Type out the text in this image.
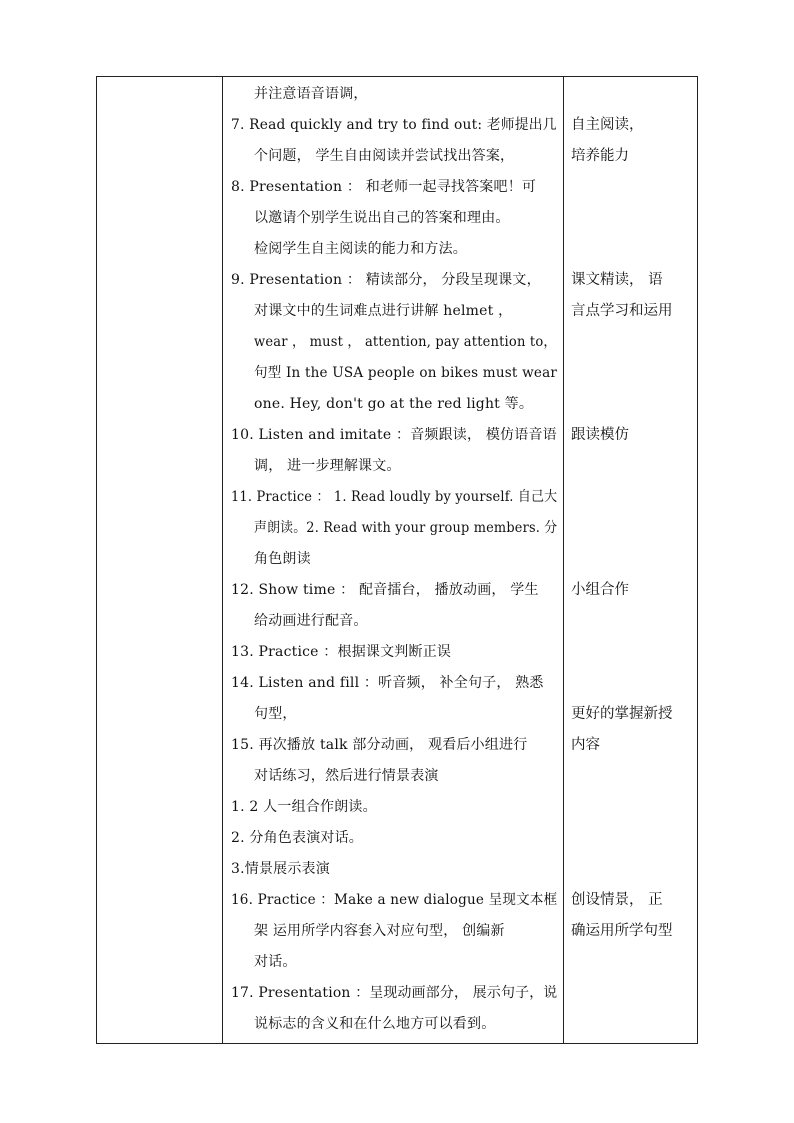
并注意语音语调，
7. Read quickly and try to find out: 老师提出几
个问题， 学生自由阅读并尝试找出答案，
8. Presentation ： 和老师一起寻找答案吧！可
以邀请个别学生说出自己的答案和理由。
检阅学生自主阅读的能力和方法。
9. Presentation ： 精读部分， 分段呈现课文，
对课文中的生词难点进行讲解 helmet ，
wear ， must ， attention, pay attention to，
句型 In the USA people on bikes must wear
one. Hey, don't go at the red light 等。
10. Listen and imitate ：音频跟读， 模仿语音语
调， 进一步理解课文。
11. Practice ： 1. Read loudly by yourself. 自己大
声朗读。2. Read with your group members. 分
角色朗读
12. Show time ： 配音擂台， 播放动画， 学生
给动画进行配音。
13. Practice ：根据课文判断正误
14. Listen and fill ：听音频， 补全句子， 熟悉
句型，
15. 再次播放 talk 部分动画， 观看后小组进行
对话练习，然后进行情景表演
1. 2 人一组合作朗读。
2. 分角色表演对话。
3.情景展示表演
16. Practice ：Make a new dialogue 呈现文本框
架 运用所学内容套入对应句型， 创编新
对话。
17. Presentation ：呈现动画部分， 展示句子，说
说标志的含义和在什么地方可以看到。
自主阅读，
培养能力
课文精读， 语
言点学习和运用
跟读模仿
小组合作
更好的掌握新授
内容
创设情景， 正
确运用所学句型
